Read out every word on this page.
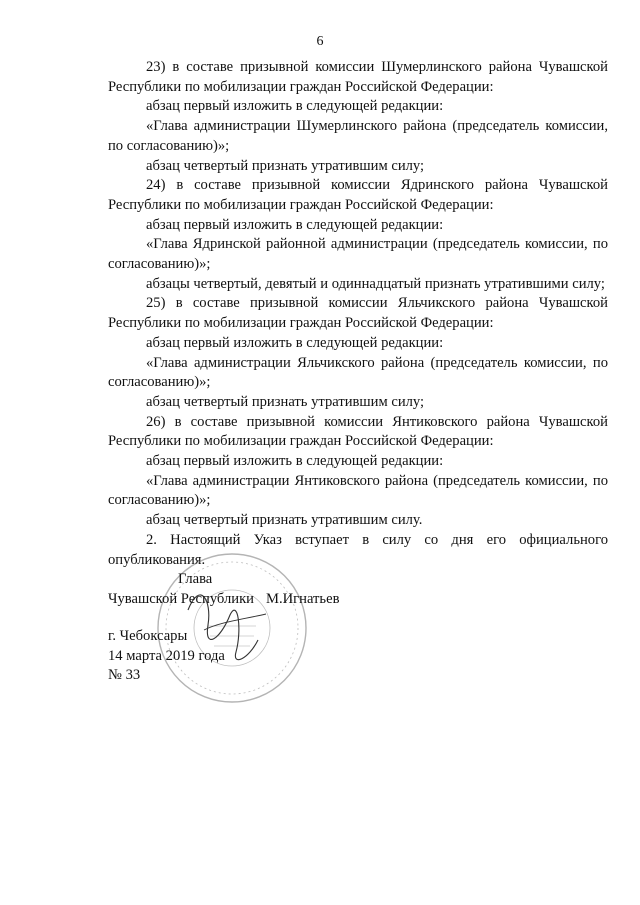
6

23) в составе призывной комиссии Шумерлинского района Чувашской Республики по мобилизации граждан Российской Федерации:

абзац первый изложить в следующей редакции:

«Глава администрации Шумерлинского района (председатель комиссии, по согласованию)»;

абзац четвертый признать утратившим силу;

24) в составе призывной комиссии Ядринского района Чувашской Республики по мобилизации граждан Российской Федерации:

абзац первый изложить в следующей редакции:

«Глава Ядринской районной администрации (председатель комиссии, по согласованию)»;

абзацы четвертый, девятый и одиннадцатый признать утратившими силу;

25) в составе призывной комиссии Яльчикского района Чувашской Республики по мобилизации граждан Российской Федерации:

абзац первый изложить в следующей редакции:

«Глава администрации Яльчикского района (председатель комиссии, по согласованию)»;

абзац четвертый признать утратившим силу;

26) в составе призывной комиссии Янтиковского района Чувашской Республики по мобилизации граждан Российской Федерации:

абзац первый изложить в следующей редакции:

«Глава администрации Янтиковского района (председатель комиссии, по согласованию)»;

абзац четвертый признать утратившим силу.

2. Настоящий Указ вступает в силу со дня его официального опубликования.

Глава
Чувашской Республики М.Игнатьев
г. Чебоксары
14 марта 2019 года
№ 33
